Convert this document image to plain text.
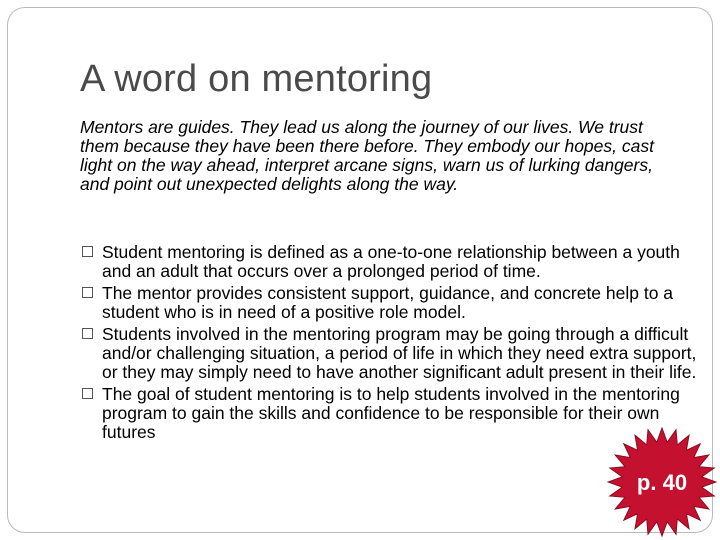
A word on mentoring

Mentors are guides. They lead us along the journey of our lives. We trust them because they have been there before. They embody our hopes, cast light on the way ahead, interpret arcane signs, warn us of lurking dangers, and point out unexpected delights along the way.

Student mentoring is defined as a one-to-one relationship between a youth and an adult that occurs over a prolonged period of time.
The mentor provides consistent support, guidance, and concrete help to a student who is in need of a positive role model.
Students involved in the mentoring program may be going through a difficult and/or challenging situation, a period of life in which they need extra support, or they may simply need to have another significant adult present in their life.
The goal of student mentoring is to help students involved in the mentoring program to gain the skills and confidence to be responsible for their own futures
p. 40
